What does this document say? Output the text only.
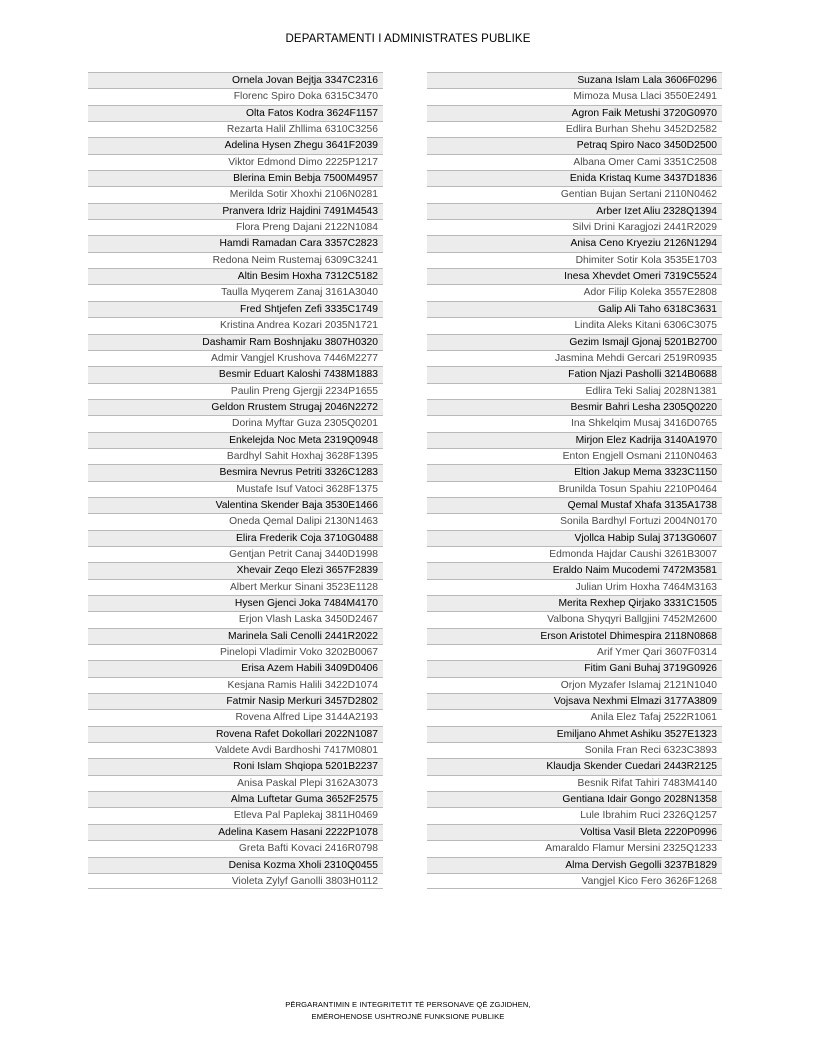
DEPARTAMENTI I ADMINISTRATES PUBLIKE
Ornela Jovan Bejtja 3347C2316
Florenc Spiro Doka 6315C3470
Olta Fatos Kodra 3624F1157
Rezarta Halil Zhllima 6310C3256
Adelina Hysen Zhegu 3641F2039
Viktor Edmond Dimo 2225P1217
Blerina Emin Bebja 7500M4957
Merilda Sotir Xhoxhi 2106N0281
Pranvera Idriz Hajdini 7491M4543
Flora Preng Dajani 2122N1084
Hamdi Ramadan Cara 3357C2823
Redona Neim Rustemaj 6309C3241
Altin Besim Hoxha 7312C5182
Taulla Myqerem Zanaj 3161A3040
Fred Shtjefen Zefi 3335C1749
Kristina Andrea Kozari 2035N1721
Dashamir Ram Boshnjaku 3807H0320
Admir Vangjel Krushova 7446M2277
Besmir Eduart Kaloshi 7438M1883
Paulin Preng Gjergji 2234P1655
Geldon Rrustem Strugaj 2046N2272
Dorina Myftar Guza 2305Q0201
Enkelejda Noc Meta 2319Q0948
Bardhyl Sahit Hoxhaj 3628F1395
Besmira Nevrus Petriti 3326C1283
Mustafe Isuf Vatoci 3628F1375
Valentina Skender Baja 3530E1466
Oneda Qemal Dalipi 2130N1463
Elira Frederik Coja 3710G0488
Gentjan Petrit Canaj 3440D1998
Xhevair Zeqo Elezi 3657F2839
Albert Merkur Sinani 3523E1128
Hysen Gjenci Joka 7484M4170
Erjon Vlash Laska 3450D2467
Marinela Sali Cenolli 2441R2022
Pinelopi Vladimir Voko 3202B0067
Erisa Azem Habili 3409D0406
Kesjana Ramis Halili 3422D1074
Fatmir Nasip Merkuri 3457D2802
Rovena Alfred Lipe 3144A2193
Rovena Rafet Dokollari 2022N1087
Valdete Avdi Bardhoshi 7417M0801
Roni Islam Shqiopa 5201B2237
Anisa Paskal Plepi 3162A3073
Alma Luftetar Guma 3652F2575
Etleva Pal Paplekaj 3811H0469
Adelina Kasem Hasani 2222P1078
Greta Bafti Kovaci 2416R0798
Denisa Kozma Xholi 2310Q0455
Violeta Zylyf Ganolli 3803H0112
Suzana Islam Lala 3606F0296
Mimoza Musa Llaci 3550E2491
Agron Faik Metushi 3720G0970
Edlira Burhan Shehu 3452D2582
Petraq Spiro Naco 3450D2500
Albana Omer Cami 3351C2508
Enida Kristaq Kume 3437D1836
Gentian Bujan Sertani 2110N0462
Arber Izet Aliu 2328Q1394
Silvi Drini Karagjozi 2441R2029
Anisa Ceno Kryeziu 2126N1294
Dhimiter Sotir Kola 3535E1703
Inesa Xhevdet Omeri 7319C5524
Ador Filip Koleka 3557E2808
Galip Ali Taho 6318C3631
Lindita Aleks Kitani 6306C3075
Gezim Ismajl Gjonaj 5201B2700
Jasmina Mehdi Gercari 2519R0935
Fation Njazi Pasholli 3214B0688
Edlira Teki Saliaj 2028N1381
Besmir Bahri Lesha 2305Q0220
Ina Shkelqim Musaj 3416D0765
Mirjon Elez Kadrija 3140A1970
Enton Engjell Osmani 2110N0463
Eltion Jakup Mema 3323C1150
Brunilda Tosun Spahiu 2210P0464
Qemal Mustaf Xhafa 3135A1738
Sonila Bardhyl Fortuzi 2004N0170
Vjollca Habip Sulaj 3713G0607
Edmonda Hajdar Caushi 3261B3007
Eraldo Naim Mucodemi 7472M3581
Julian Urim Hoxha 7464M3163
Merita Rexhep Qirjako 3331C1505
Valbona Shyqyri Ballgjini 7452M2600
Erson Aristotel Dhimespira 2118N0868
Arif Ymer Qari 3607F0314
Fitim Gani Buhaj 3719G0926
Orjon Myzafer Islamaj 2121N1040
Vojsava Nexhmi Elmazi 3177A3809
Anila Elez Tafaj 2522R1061
Emiljano Ahmet Ashiku 3527E1323
Sonila Fran Reci 6323C3893
Klaudja Skender Cuedari 2443R2125
Besnik Rifat Tahiri 7483M4140
Gentiana Idair Gongo 2028N1358
Lule Ibrahim Ruci 2326Q1257
Voltisa Vasil Bleta 2220P0996
Amaraldo Flamur Mersini 2325Q1233
Alma Dervish Gegolli 3237B1829
Vangjel Kico Fero 3626F1268
PËRGARANTIMIN E INTEGRITETIT TË PERSONAVE QË ZGJIDHEN,
EMËROHENOSE USHTROJNË FUNKSIONE PUBLIKE
